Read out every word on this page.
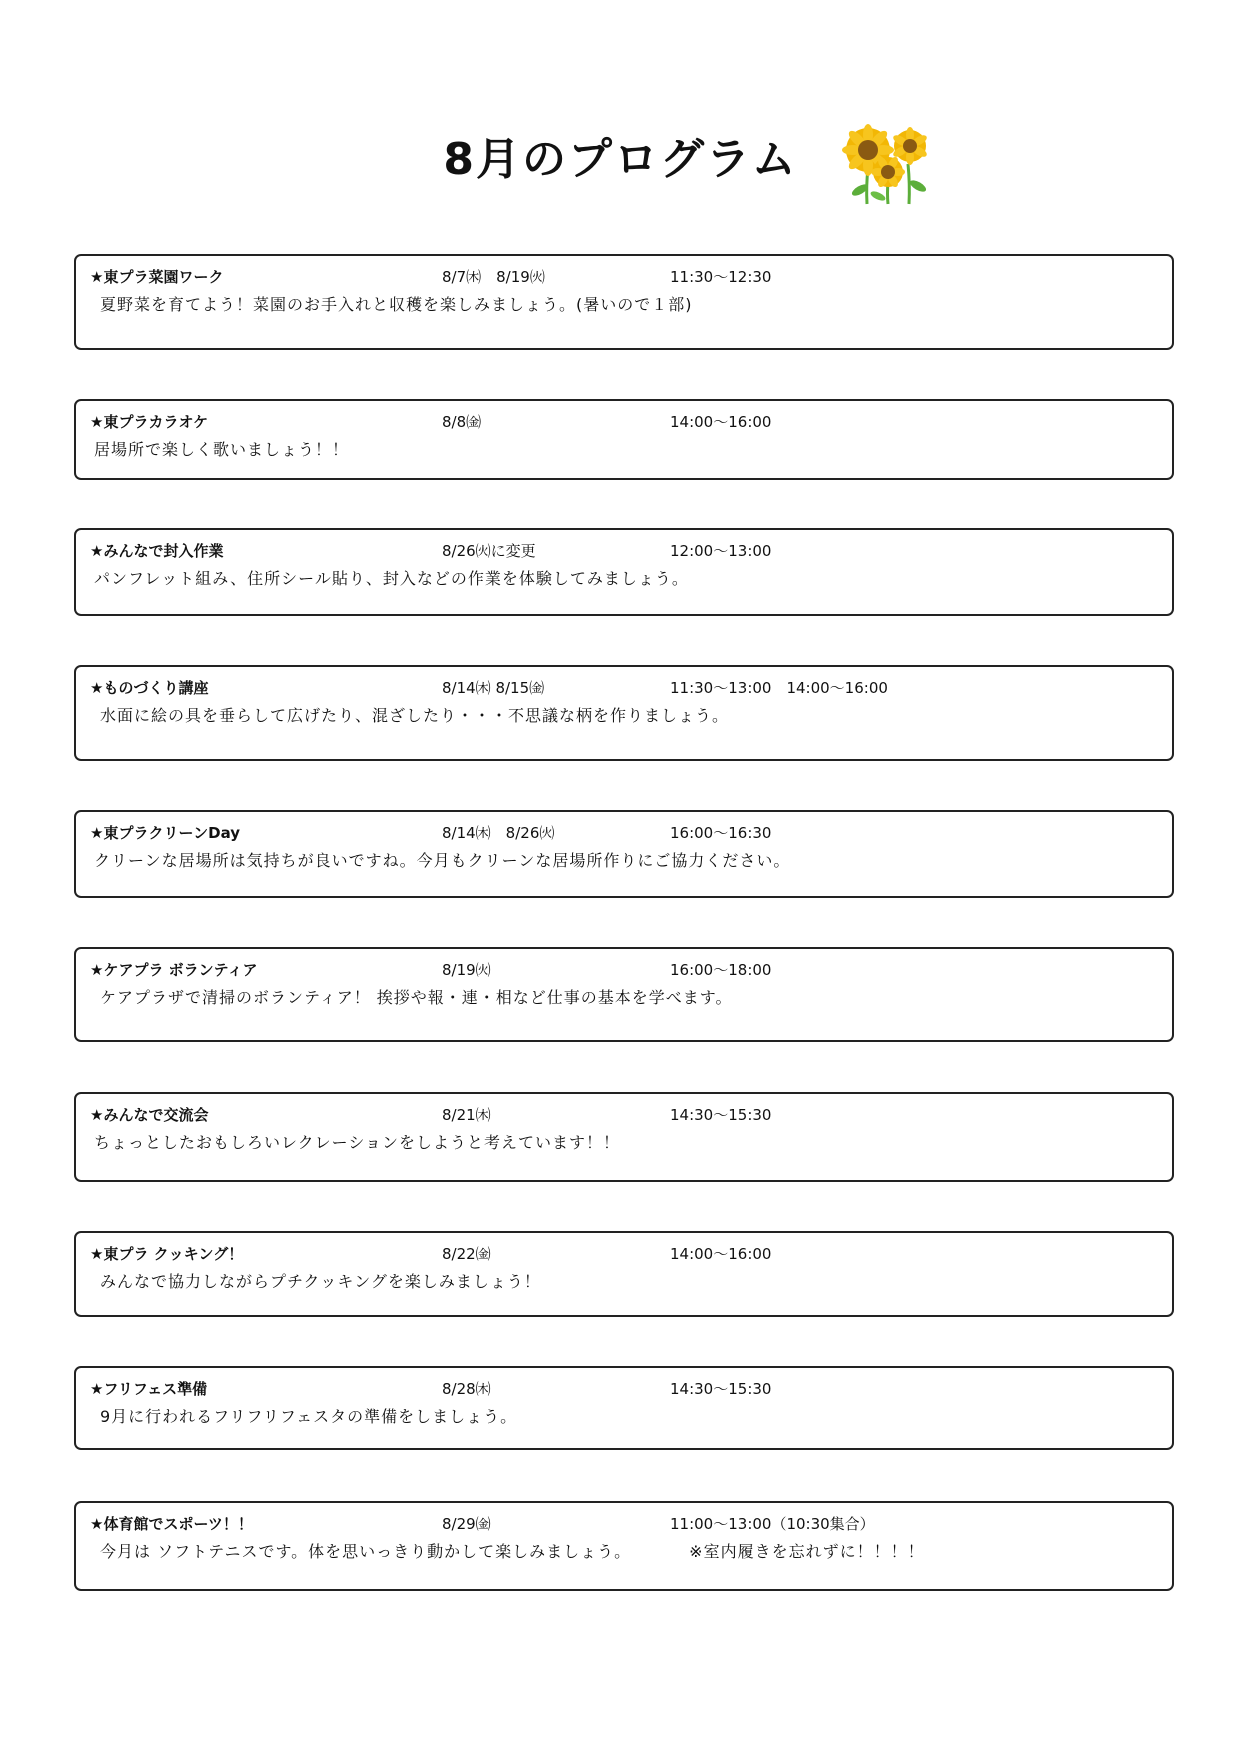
8月のプログラム
★東プラ菜園ワーク	8/7㈭　8/19㈫	11:30〜12:30
夏野菜を育てよう！菜園のお手入れと収穫を楽しみましょう。(暑いので１部)
★東プラカラオケ	8/8㈮	14:00〜16:00
居場所で楽しく歌いましょう！！
★みんなで封入作業	8/26㈫に変更	12:00〜13:00
パンフレット組み、住所シール貼り、封入などの作業を体験してみましょう。
★ものづくり講座	8/14㈭ 8/15㈮	11:30〜13:00　14:00〜16:00
水面に絵の具を垂らして広げたり、混ざしたり・・・不思議な柄を作りましょう。
★東プラクリーンDay	8/14㈭　8/26㈫	16:00〜16:30
クリーンな居場所は気持ちが良いですね。今月もクリーンな居場所作りにご協力ください。
★ケアプラ ボランティア	8/19㈫	16:00〜18:00
ケアプラザで清掃のボランティア！ 挨拶や報・連・相など仕事の基本を学べます。
★みんなで交流会	8/21㈭	14:30〜15:30
ちょっとしたおもしろいレクレーションをしようと考えています！！
★東プラ クッキング！	8/22㈮	14:00〜16:00
みんなで協力しながらプチクッキングを楽しみましょう！
★フリフェス準備	8/28㈭	14:30〜15:30
9月に行われるフリフリフェスタの準備をしましょう。
★体育館でスポーツ！！	8/29㈮	11:00〜13:00（10:30集合）
今月は ソフトテニスです。体を思いっきり動かして楽しみましょう。	※室内履きを忘れずに！！！！
